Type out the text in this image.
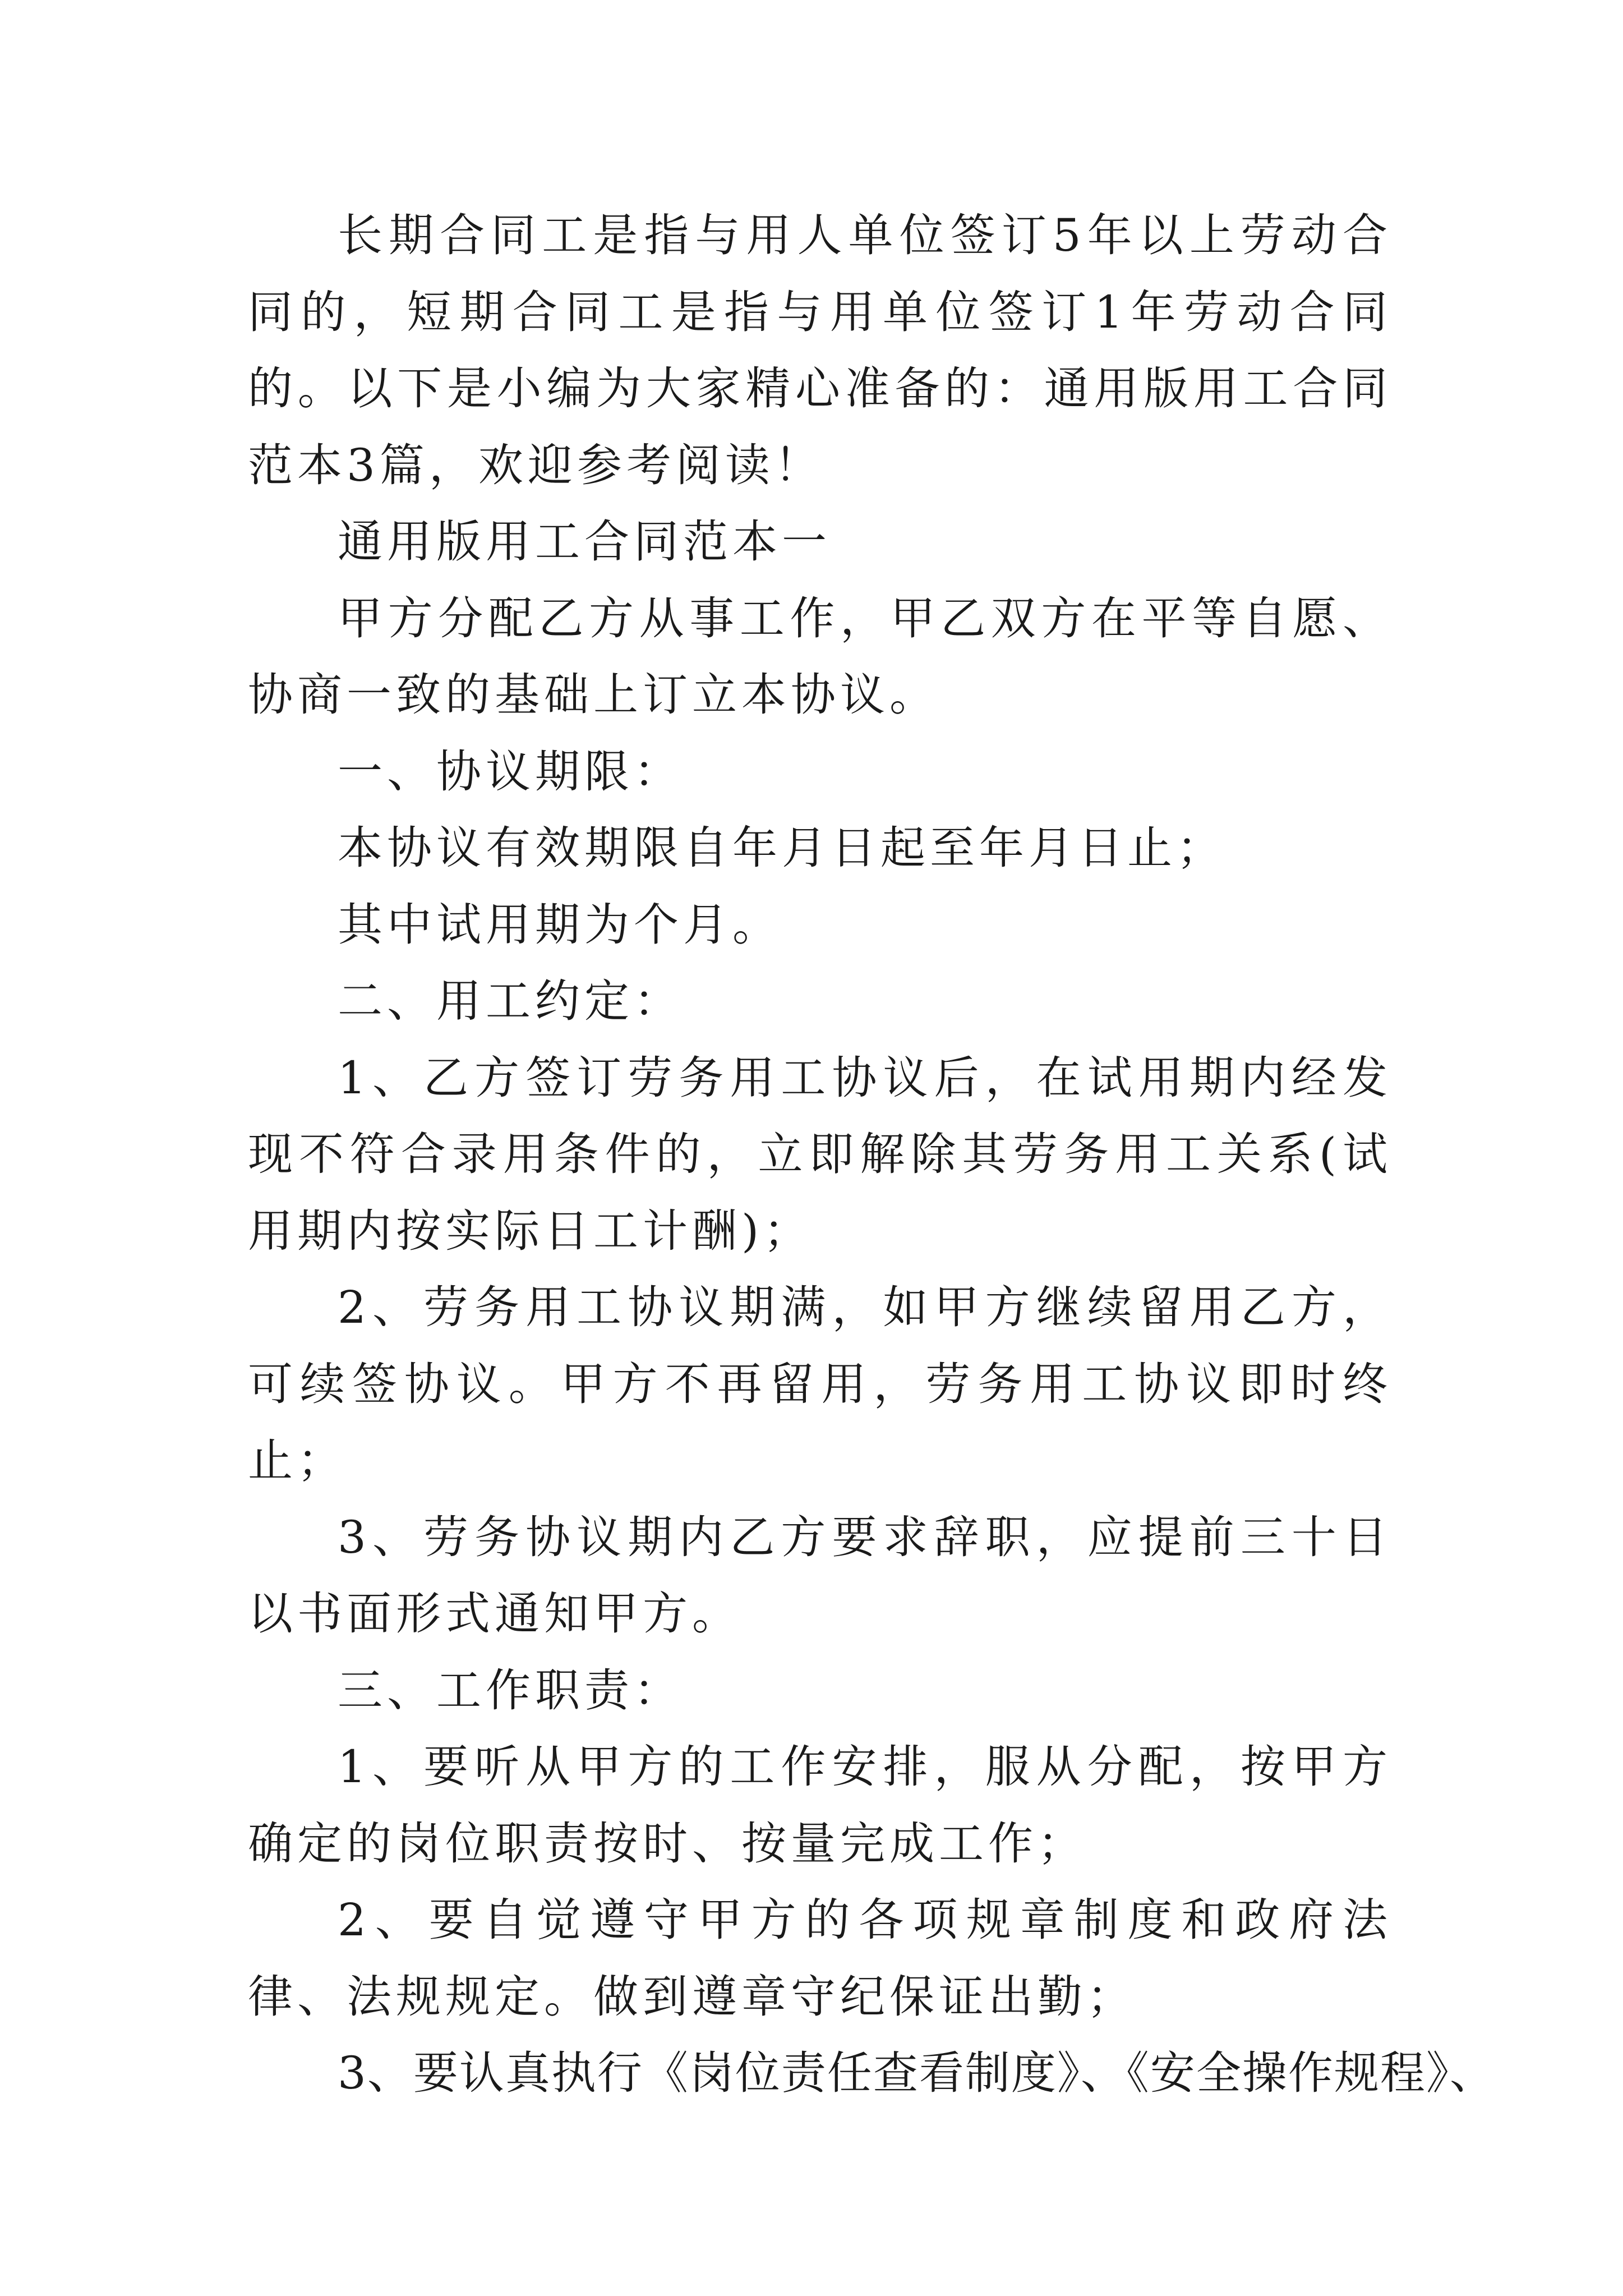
长期合同工是指与用人单位签订5年以上劳动合同的，短期合同工是指与用单位签订1年劳动合同的。以下是小编为大家精心准备的：通用版用工合同范本3篇，欢迎参考阅读！

通用版用工合同范本一

甲方分配乙方从事工作，甲乙双方在平等自愿、协商一致的基础上订立本协议。

一、协议期限：

本协议有效期限自年月日起至年月日止；

其中试用期为个月。

二、用工约定：

1、乙方签订劳务用工协议后，在试用期内经发现不符合录用条件的，立即解除其劳务用工关系(试用期内按实际日工计酬)；

2、劳务用工协议期满，如甲方继续留用乙方，可续签协议。甲方不再留用，劳务用工协议即时终止；

3、劳务协议期内乙方要求辞职，应提前三十日以书面形式通知甲方。

三、工作职责：

1、要听从甲方的工作安排，服从分配，按甲方确定的岗位职责按时、按量完成工作；

2、要自觉遵守甲方的各项规章制度和政府法律、法规规定。做到遵章守纪保证出勤；

3、要认真执行《岗位责任查看制度》、《安全操作规程》、
